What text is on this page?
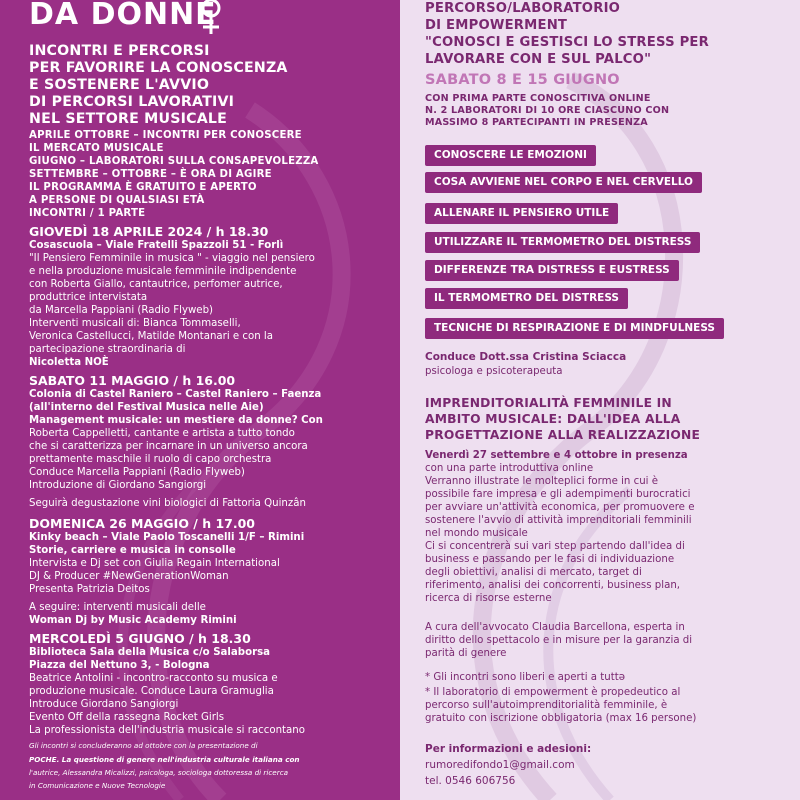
DA DONNE
INCONTRI E PERCORSI
PER FAVORIRE LA CONOSCENZA
E SOSTENERE L'AVVIO
DI PERCORSI LAVORATIVI
NEL SETTORE MUSICALE
APRILE OTTOBRE – INCONTRI PER CONOSCERE
IL MERCATO MUSICALE
GIUGNO – LABORATORI SULLA CONSAPEVOLEZZA
SETTEMBRE – OTTOBRE – È ORA DI AGIRE
IL PROGRAMMA È GRATUITO E APERTO
A PERSONE DI QUALSIASI ETÀ
INCONTRI / 1 PARTE
GIOVEDÌ 18 APRILE 2024 / h 18.30
Cosascuola – Viale Fratelli Spazzoli 51 - Forlì
"Il Pensiero Femminile in musica " - viaggio nel pensiero
e nella produzione musicale femminile indipendente
con Roberta Giallo, cantautrice, perfomer autrice,
produttrice intervistata
da Marcella Pappiani (Radio Flyweb)
Interventi musicali di: Bianca Tommaselli,
Veronica Castellucci, Matilde Montanari e con la
partecipazione straordinaria di
Nicoletta NOÈ
SABATO 11 MAGGIO / h 16.00
Colonia di Castel Raniero – Castel Raniero – Faenza
(all'interno del Festival Musica nelle Aie)
Management musicale: un mestiere da donne? Con
Roberta Cappelletti, cantante e artista a tutto tondo
che si caratterizza per incarnare in un universo ancora
prettamente maschile il ruolo di capo orchestra
Conduce Marcella Pappiani (Radio Flyweb)
Introduzione di Giordano Sangiorgi
Seguirà degustazione vini biologici di Fattoria Quinzân
DOMENICA 26 MAGGIO / h 17.00
Kinky beach – Viale Paolo Toscanelli 1/F – Rimini
Storie, carriere e musica in consolle
Intervista e Dj set con Giulia Regain International
DJ & Producer #NewGenerationWoman
Presenta Patrizia Deitos
A seguire: interventi musicali delle
Woman Dj by Music Academy Rimini
MERCOLEDÌ 5 GIUGNO / h 18.30
Biblioteca Sala della Musica c/o Salaborsa
Piazza del Nettuno 3, - Bologna
Beatrice Antolini - incontro-racconto su musica e
produzione musicale. Conduce Laura Gramuglia
Introduce Giordano Sangiorgi
Evento Off della rassegna Rocket Girls
La professionista dell'industria musicale si raccontano
Gli incontri si concluderanno ad ottobre con la presentazione di
POCHE. La questione di genere nell'industria culturale italiana con
l'autrice, Alessandra Micalizzi, psicologa, sociologa dottoressa di ricerca
in Comunicazione e Nuove Tecnologie
PERCORSO/LABORATORIO
DI EMPOWERMENT
"CONOSCI E GESTISCI LO STRESS PER
LAVORARE CON E SUL PALCO"
SABATO 8 E 15 GIUGNO
CON PRIMA PARTE CONOSCITIVA ONLINE
N. 2 LABORATORI DI 10 ORE CIASCUNO CON
MASSIMO 8 PARTECIPANTI IN PRESENZA
CONOSCERE LE EMOZIONI
COSA AVVIENE NEL CORPO E NEL CERVELLO
ALLENARE IL PENSIERO UTILE
UTILIZZARE IL TERMOMETRO DEL DISTRESS
DIFFERENZE TRA DISTRESS E EUSTRESS
IL TERMOMETRO DEL DISTRESS
TECNICHE DI RESPIRAZIONE E DI MINDFULNESS
Conduce Dott.ssa Cristina Sciacca
psicologa e psicoterapeuta
IMPRENDITORIALITÀ FEMMINILE IN
AMBITO MUSICALE: DALL'IDEA ALLA
PROGETTAZIONE ALLA REALIZZAZIONE
Venerdì 27 settembre e 4 ottobre in presenza
con una parte introduttiva online
Verranno illustrate le molteplici forme in cui è
possibile fare impresa e gli adempimenti burocratici
per avviare un'attività economica, per promuovere e
sostenere l'avvio di attività imprenditoriali femminili
nel mondo musicale
Ci si concentrerà sui vari step partendo dall'idea di
business e passando per le fasi di individuazione
degli obiettivi, analisi di mercato, target di
riferimento, analisi dei concorrenti, business plan,
ricerca di risorse esterne
A cura dell'avvocato Claudia Barcellona, esperta in
diritto dello spettacolo e in misure per la garanzia di
parità di genere
* Gli incontri sono liberi e aperti a tuttə
* Il laboratorio di empowerment è propedeutico al
percorso sull'autoimprenditorialità femminile, è
gratuito con iscrizione obbligatoria (max 16 persone)
Per informazioni e adesioni:
rumoredifondo1@gmail.com
tel. 0546 606756
